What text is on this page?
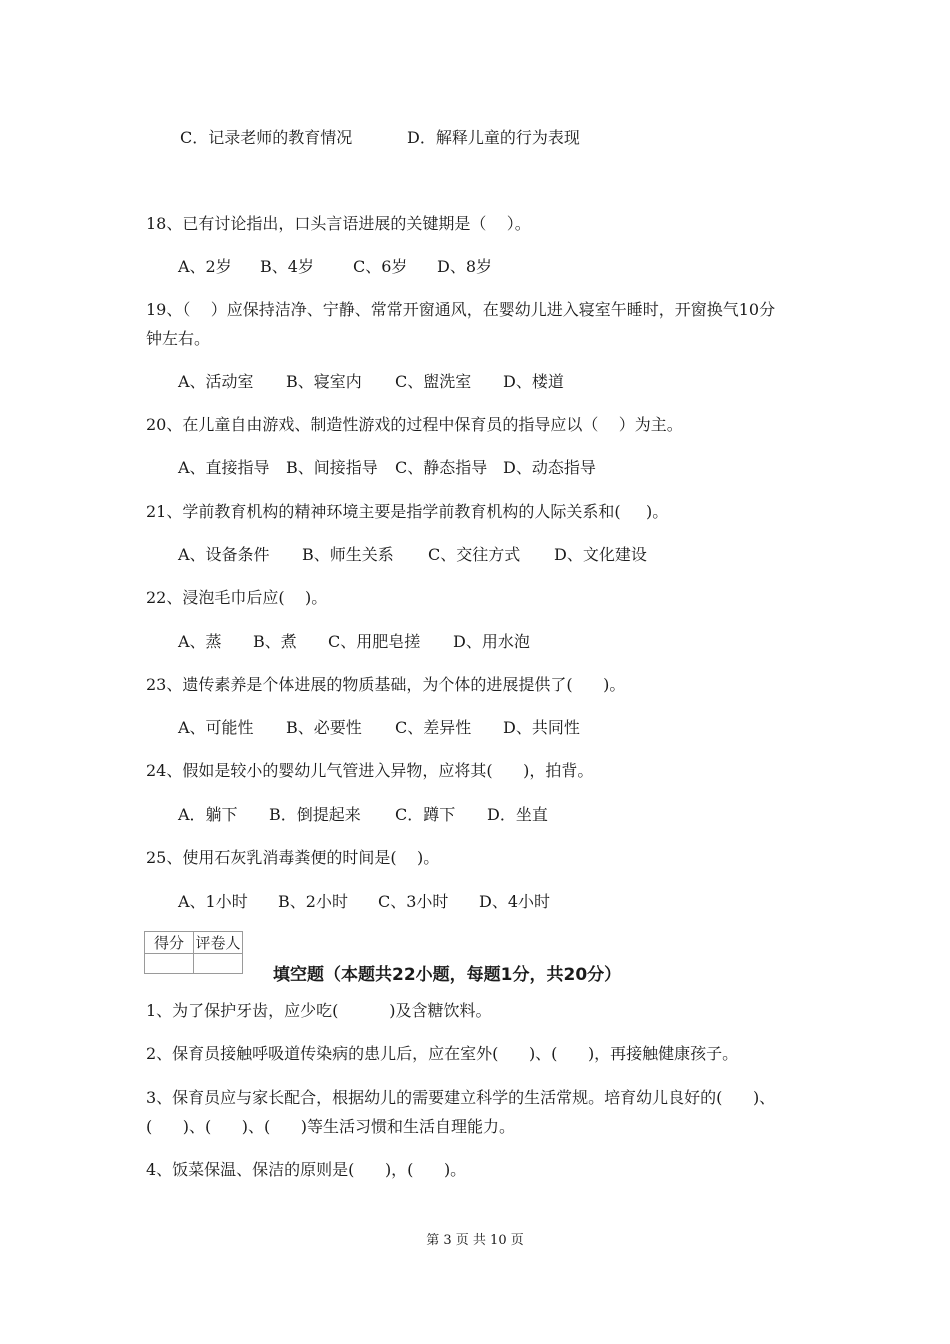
C．记录老师的教育情况	D．解释儿童的行为表现
18、已有讨论指出，口头言语进展的关键期是（    ）。
A、2岁 B、4岁 C、6岁 D、8岁
19、（    ）应保持洁净、宁静、常常开窗通风，在婴幼儿进入寝室午睡时，开窗换气10分
钟左右。
A、活动室 B、寝室内 C、盥洗室 D、楼道
20、在儿童自由游戏、制造性游戏的过程中保育员的指导应以（    ）为主。
A、直接指导 B、间接指导 C、静态指导 D、动态指导
21、学前教育机构的精神环境主要是指学前教育机构的人际关系和(     )。
A、设备条件 B、师生关系 C、交往方式 D、文化建设
22、浸泡毛巾后应(    )。
A、蒸 B、煮 C、用肥皂搓 D、用水泡
23、遗传素养是个体进展的物质基础，为个体的进展提供了(      )。
A、可能性 B、必要性 C、差异性 D、共同性
24、假如是较小的婴幼儿气管进入异物，应将其(      )，拍背。
A．躺下 B．倒提起来 C．蹲下 D．坐直
25、使用石灰乳消毒粪便的时间是(    )。
A、1小时 B、2小时 C、3小时 D、4小时
得分	评卷人

填空题（本题共22小题，每题1分，共20分）
1、为了保护牙齿，应少吃(          )及含糖饮料。
2、保育员接触呼吸道传染病的患儿后，应在室外(      )、(      )，再接触健康孩子。
3、保育员应与家长配合，根据幼儿的需要建立科学的生活常规。培育幼儿良好的(      )、
(      )、(      )、(      )等生活习惯和生活自理能力。
4、饭菜保温、保洁的原则是(      )，(      )。
第 3 页 共 10 页
